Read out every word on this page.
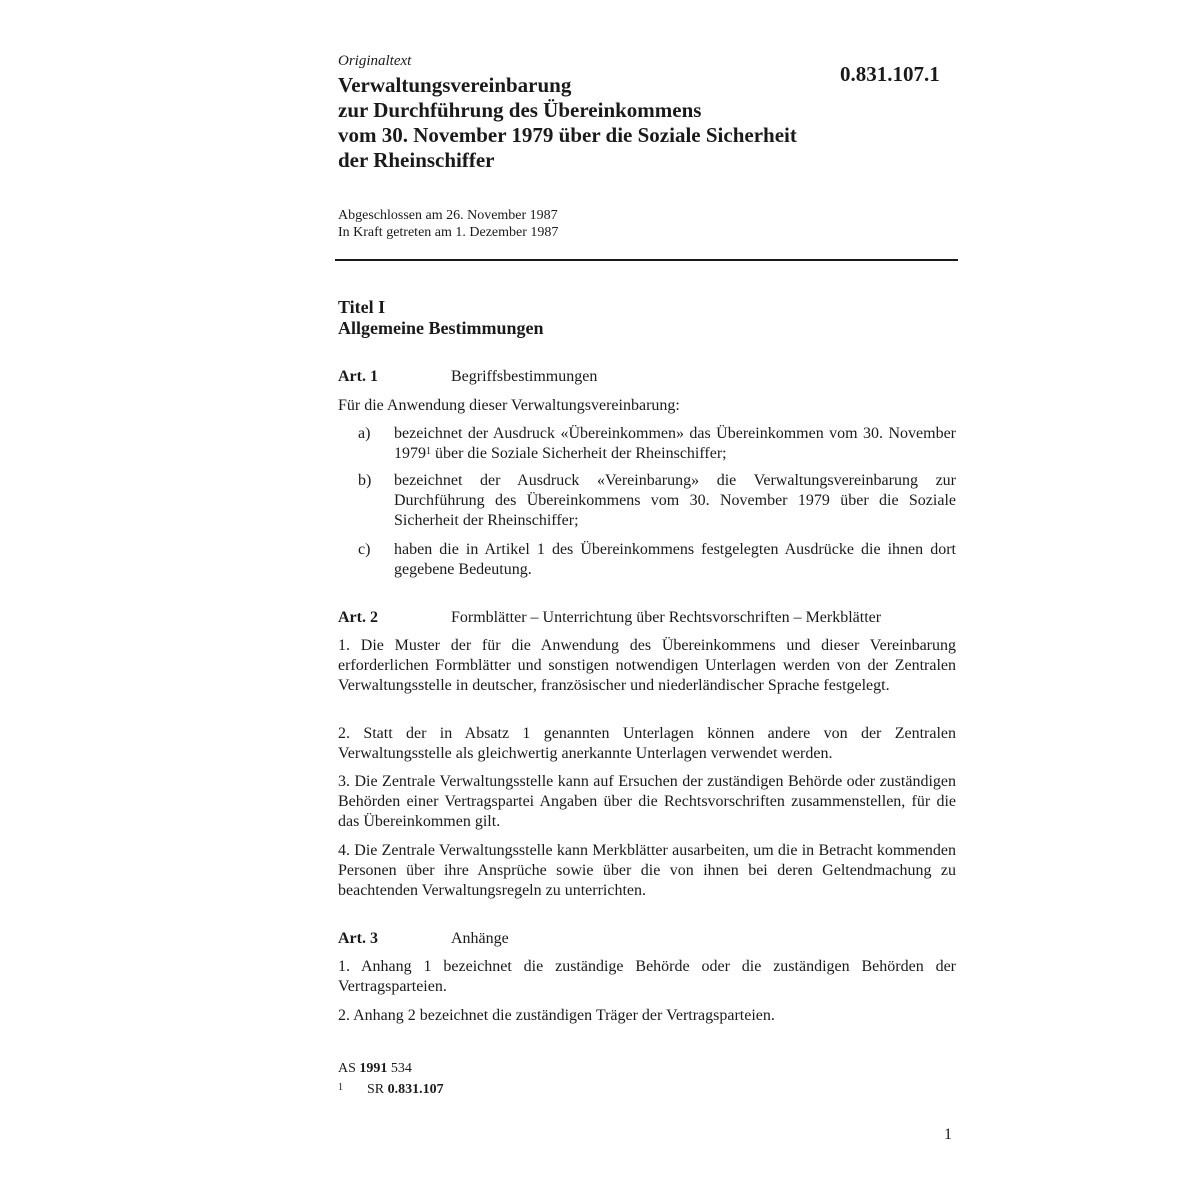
Originaltext
Verwaltungsvereinbarung
zur Durchführung des Übereinkommens
vom 30. November 1979 über die Soziale Sicherheit
der Rheinschiffer
0.831.107.1
Abgeschlossen am 26. November 1987
In Kraft getreten am 1. Dezember 1987
Titel I
Allgemeine Bestimmungen
Art. 1	Begriffsbestimmungen
Für die Anwendung dieser Verwaltungsvereinbarung:
a) bezeichnet der Ausdruck «Übereinkommen» das Übereinkommen vom 30. November 1979$^1$ über die Soziale Sicherheit der Rheinschiffer;
b) bezeichnet der Ausdruck «Vereinbarung» die Verwaltungsvereinbarung zur Durchführung des Übereinkommens vom 30. November 1979 über die Soziale Sicherheit der Rheinschiffer;
c) haben die in Artikel 1 des Übereinkommens festgelegten Ausdrücke die ihnen dort gegebene Bedeutung.
Art. 2	Formblätter – Unterrichtung über Rechtsvorschriften – Merkblätter
1. Die Muster der für die Anwendung des Übereinkommens und dieser Vereinbarung erforderlichen Formblätter und sonstigen notwendigen Unterlagen werden von der Zentralen Verwaltungsstelle in deutscher, französischer und niederländischer Sprache festgelegt.
2. Statt der in Absatz 1 genannten Unterlagen können andere von der Zentralen Verwaltungsstelle als gleichwertig anerkannte Unterlagen verwendet werden.
3. Die Zentrale Verwaltungsstelle kann auf Ersuchen der zuständigen Behörde oder zuständigen Behörden einer Vertragspartei Angaben über die Rechtsvorschriften zusammenstellen, für die das Übereinkommen gilt.
4. Die Zentrale Verwaltungsstelle kann Merkblätter ausarbeiten, um die in Betracht kommenden Personen über ihre Ansprüche sowie über die von ihnen bei deren Geltendmachung zu beachtenden Verwaltungsregeln zu unterrichten.
Art. 3	Anhänge
1. Anhang 1 bezeichnet die zuständige Behörde oder die zuständigen Behörden der Vertragsparteien.
2. Anhang 2 bezeichnet die zuständigen Träger der Vertragsparteien.
AS 1991 534
$^1$ SR 0.831.107
1
